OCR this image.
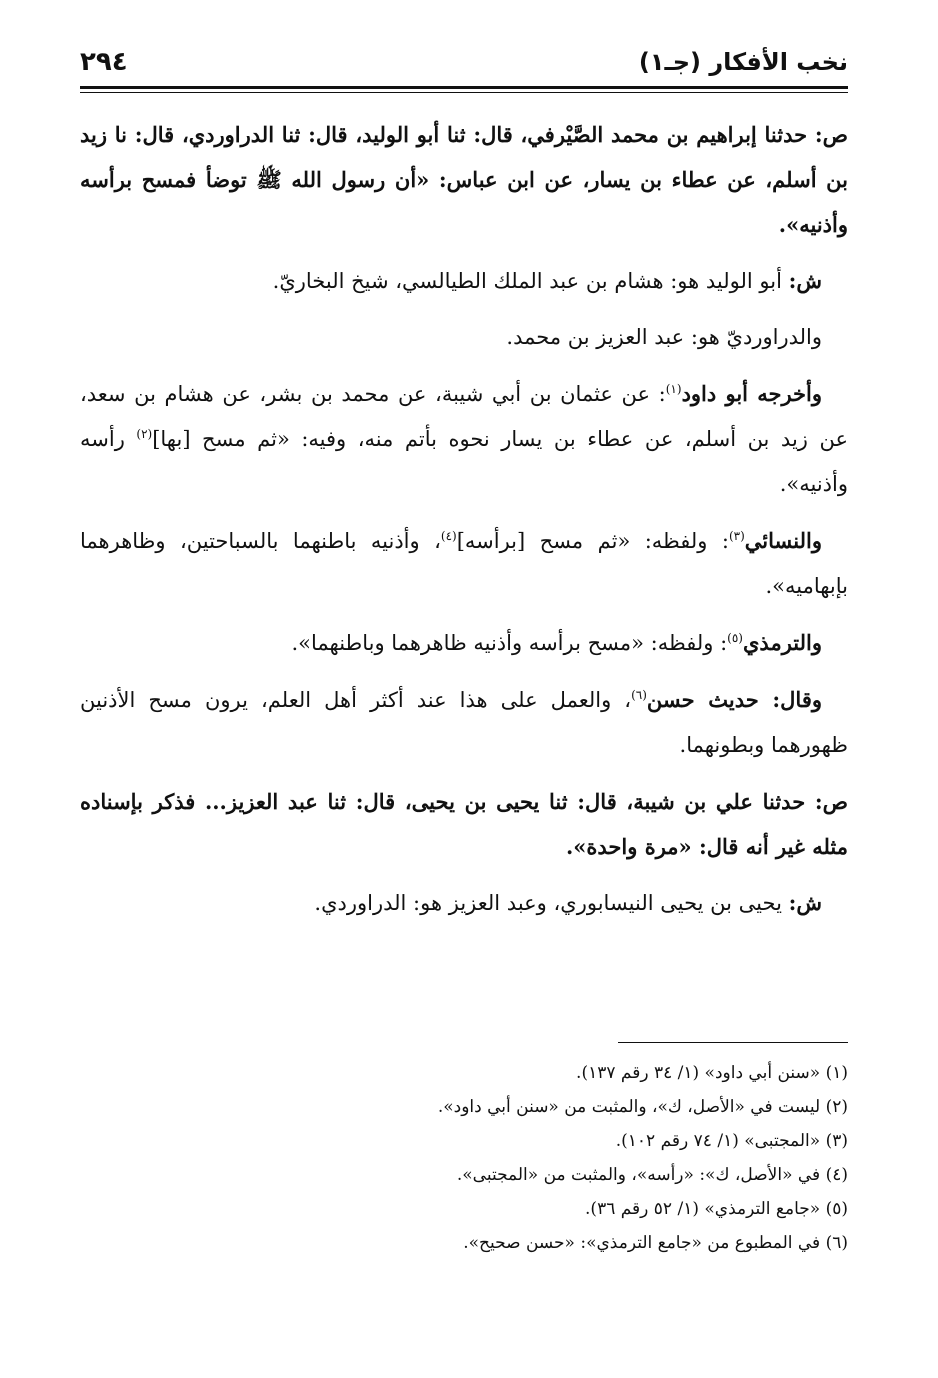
٢٩٤	نخب الأفكار (جـ١)

ص: حدثنا إبراهيم بن محمد الصَّيْرفي، قال: ثنا أبو الوليد، قال: ثنا الدراوردي، قال: نا زيد بن أسلم، عن عطاء بن يسار، عن ابن عباس: «أن رسول الله ﷺ توضأ فمسح برأسه وأذنيه».

ش: أبو الوليد هو: هشام بن عبد الملك الطيالسي، شيخ البخاريّ.

والدراورديّ هو: عبد العزيز بن محمد.

وأخرجه أبو داود$^{(١)}$: عن عثمان بن أبي شيبة، عن محمد بن بشر، عن هشام بن سعد، عن زيد بن أسلم، عن عطاء بن يسار نحوه بأتم منه، وفيه: «ثم مسح [بها]$^{(٢)}$ رأسه وأذنيه».

والنسائي$^{(٣)}$: ولفظه: «ثم مسح [برأسه]$^{(٤)}$، وأذنيه باطنهما بالسباحتين، وظاهرهما بإبهاميه».

والترمذي$^{(٥)}$: ولفظه: «مسح برأسه وأذنيه ظاهرهما وباطنهما».

وقال: حديث حسن$^{(٦)}$، والعمل على هذا عند أكثر أهل العلم، يرون مسح الأذنين ظهورهما وبطونهما.

ص: حدثنا علي بن شيبة، قال: ثنا يحيى بن يحيى، قال: ثنا عبد العزيز... فذكر بإسناده مثله غير أنه قال: «مرة واحدة».

ش: يحيى بن يحيى النيسابوري، وعبد العزيز هو: الدراوردي.

(١) «سنن أبي داود» (١/ ٣٤ رقم ١٣٧).

(٢) ليست في «الأصل، ك»، والمثبت من «سنن أبي داود».

(٣) «المجتبى» (١/ ٧٤ رقم ١٠٢).

(٤) في «الأصل، ك»: «رأسه»، والمثبت من «المجتبى».

(٥) «جامع الترمذي» (١/ ٥٢ رقم ٣٦).

(٦) في المطبوع من «جامع الترمذي»: «حسن صحيح».
